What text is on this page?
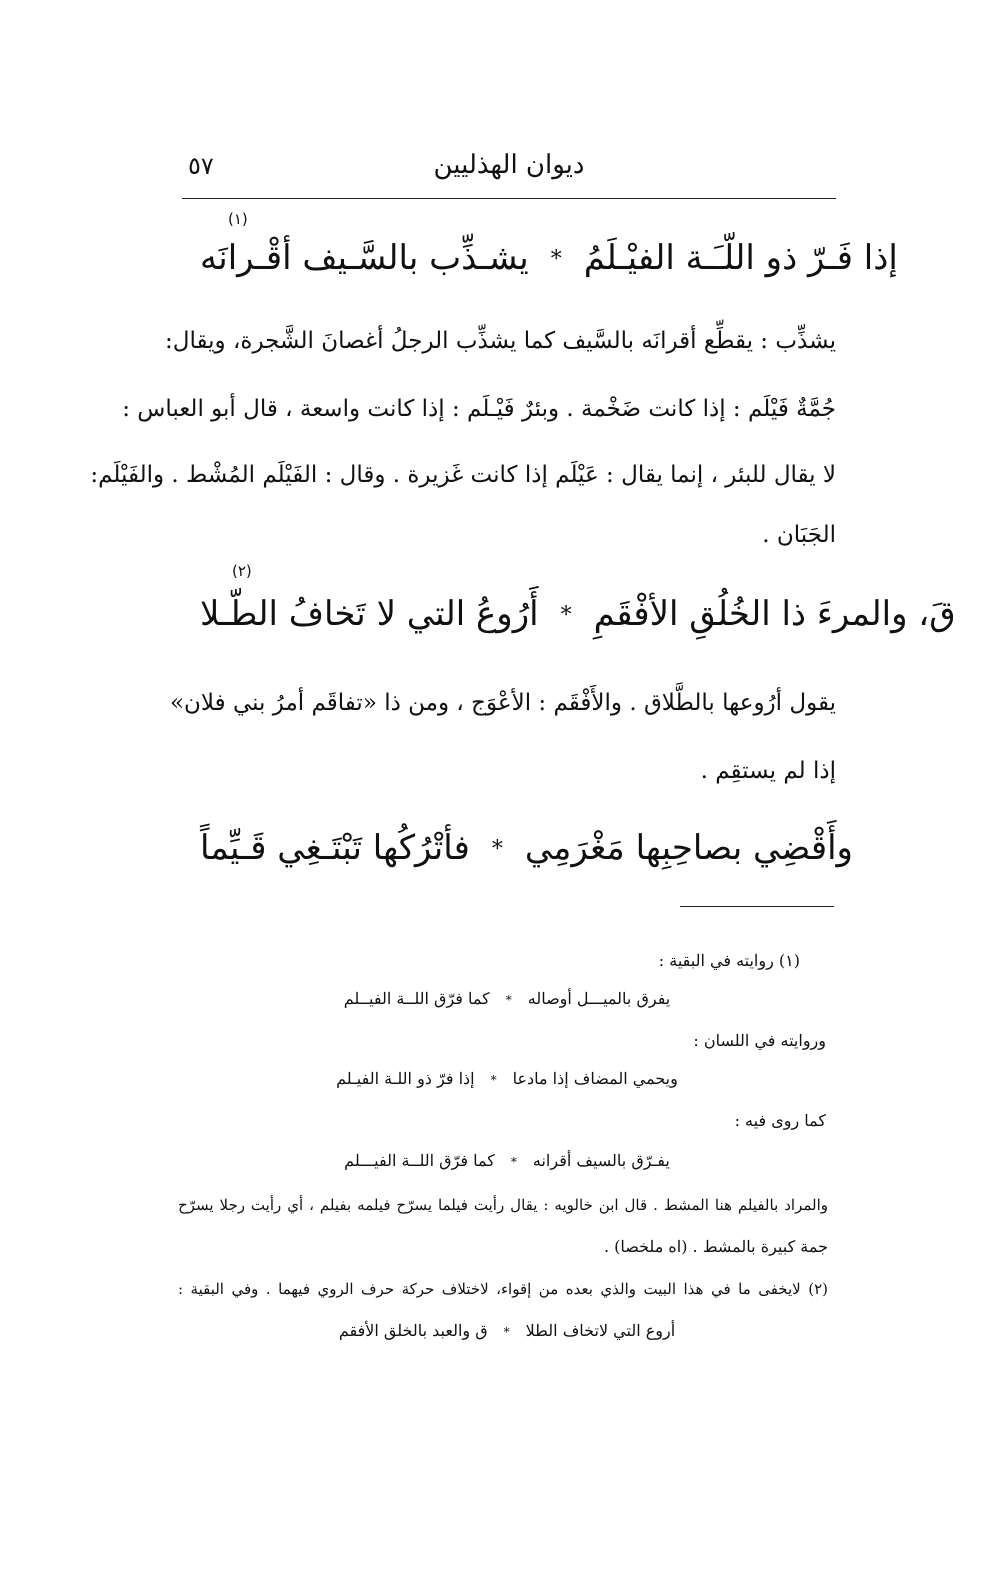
٥٧	ديوان الهذليين
(١)
يشـذِّب بالسَّـيف أقْـرانَه * إذا فَـرّ ذو اللّـَـة الفيْـلَمُ
يشذِّب : يقطِّع أقرانَه بالسَّيف كما يشذِّب الرجلُ أغصانَ الشَّجرة، ويقال:
جُمَّةٌ فَيْلَم : إذا كانت ضَخْمة . وبئرٌ فَيْـلَم : إذا كانت واسعة ، قال أبو العباس :
لا يقال للبئر ، إنما يقال : عَيْلَم إذا كانت غَزيرة . وقال : الفَيْلَم المُشْط . والفَيْلَم:
الجَبَان .
(٢)
أَرُوعُ التي لا تَخافُ الطّـلا * قَ، والمرءَ ذا الخُلُقِ الأفْقَمِ
يقول أرُوعها بالطَّلاق . والأَفْقَم : الأعْوَج ، ومن ذا «تفاقَم أمرُ بني فلان»
إذا لم يستقِم .
فأتْرُكُها تَبْتَـغِي قَـيِّماً * وأَقْضِي بصاحِبِها مَغْرَمِي
(١) روايته في البقية :
يفرق بالميـــل أوصاله*كما فرّق اللــة الفيــلم
وروايته في اللسان :
ويحمي المضاف إذا مادعا*إذا فرّ ذو اللـة الفيـلم
كما روى فيه :
يفـرّق بالسيف أقرانه*كما فرّق اللــة الفيـــلم
والمراد بالفيلم هنا المشط . قال ابن خالويه : يقال رأيت فيلما يسرّح فيلمه بفيلم ، أي رأيت رجلا يسرّح
جمة كبيرة بالمشط . (اه ملخصا) .
(٢) لايخفى ما في هذا البيت والذي بعده من إقواء، لاختلاف حركة حرف الروي فيهما . وفي البقية :
أروع التي لاتخاف الطلا*ق والعبد بالخلق الأفقم
